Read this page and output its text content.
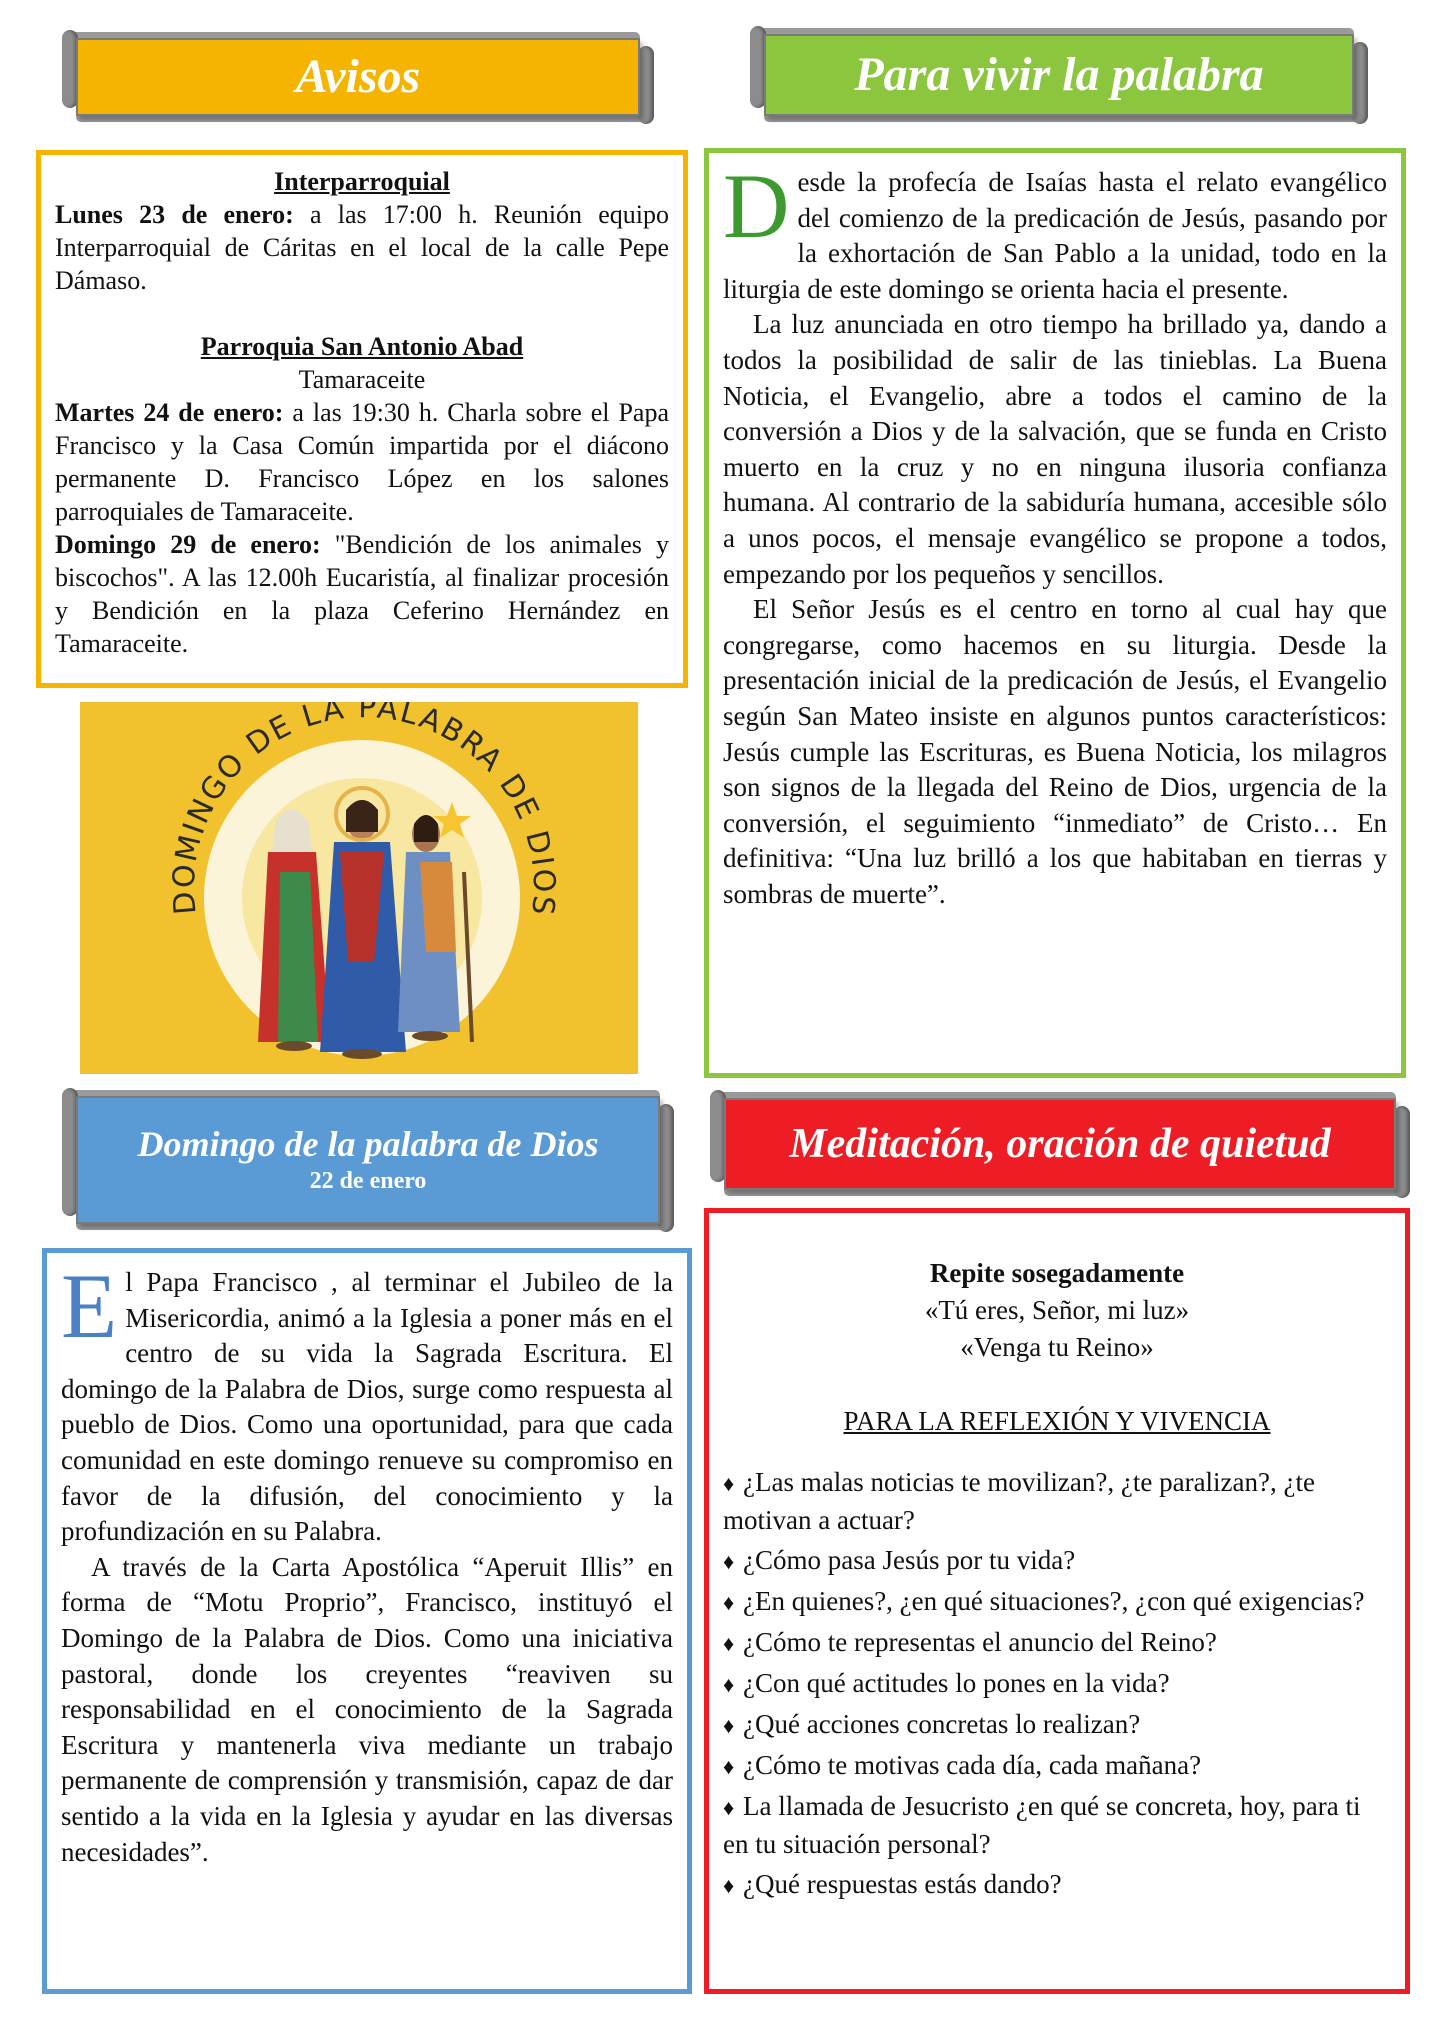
Avisos	Para vivir la palabra

Interparroquial

Lunes 23 de enero: a las 17:00 h. Reunión equipo Interparroquial de Cáritas en el local de la calle Pepe Dámaso.

Parroquia San Antonio Abad

Tamaraceite

Martes 24 de enero: a las 19:30 h. Charla sobre el Papa Francisco y la Casa Común impartida por el diácono permanente D. Francisco López en los salones parroquiales de Tamaraceite.

Domingo 29 de enero: "Bendición de los animales y biscochos". A las 12.00h Eucaristía, al finalizar procesión y Bendición en la plaza Ceferino Hernández en Tamaraceite.

DOMINGO DE LA PALABRA DE DIOS

Desde la profecía de Isaías hasta el relato evangélico del comienzo de la predicación de Jesús, pasando por la exhortación de San Pablo a la unidad, todo en la liturgia de este domingo se orienta hacia el presente.

La luz anunciada en otro tiempo ha brillado ya, dando a todos la posibilidad de salir de las tinieblas. La Buena Noticia, el Evangelio, abre a todos el camino de la conversión a Dios y de la salvación, que se funda en Cristo muerto en la cruz y no en ninguna ilusoria confianza humana. Al contrario de la sabiduría humana, accesible sólo a unos pocos, el mensaje evangélico se propone a todos, empezando por los pequeños y sencillos.

El Señor Jesús es el centro en torno al cual hay que congregarse, como hacemos en su liturgia. Desde la presentación inicial de la predicación de Jesús, el Evangelio según San Mateo insiste en algunos puntos característicos: Jesús cumple las Escrituras, es Buena Noticia, los milagros son signos de la llegada del Reino de Dios, urgencia de la conversión, el seguimiento “inmediato” de Cristo… En definitiva: “Una luz brilló a los que habitaban en tierras y sombras de muerte”.

Domingo de la palabra de Dios
22 de enero
Meditación, oración de quietud

El Papa Francisco , al terminar el Jubileo de la Misericordia, animó a la Iglesia a poner más en el centro de su vida la Sagrada Escritura. El domingo de la Palabra de Dios, surge como respuesta al pueblo de Dios. Como una oportunidad, para que cada comunidad en este domingo renueve su compromiso en favor de la difusión, del conocimiento y la profundización en su Palabra.

A través de la Carta Apostólica “Aperuit Illis” en forma de “Motu Proprio”, Francisco, instituyó el Domingo de la Palabra de Dios. Como una iniciativa pastoral, donde los creyentes “reaviven su responsabilidad en el conocimiento de la Sagrada Escritura y mantenerla viva mediante un trabajo permanente de comprensión y transmisión, capaz de dar sentido a la vida en la Iglesia y ayudar en las diversas necesidades”.

Repite sosegadamente

«Tú eres, Señor, mi luz»

«Venga tu Reino»

PARA LA REFLEXIÓN Y VIVENCIA

♦ ¿Las malas noticias te movilizan?, ¿te paralizan?, ¿te motivan a actuar?
♦ ¿Cómo pasa Jesús por tu vida?
♦ ¿En quienes?, ¿en qué situaciones?, ¿con qué exigencias?
♦ ¿Cómo te representas el anuncio del Reino?
♦ ¿Con qué actitudes lo pones en la vida?
♦ ¿Qué acciones concretas lo realizan?
♦ ¿Cómo te motivas cada día, cada mañana?
♦ La llamada de Jesucristo ¿en qué se concreta, hoy, para ti en tu situación personal?
♦ ¿Qué respuestas estás dando?
